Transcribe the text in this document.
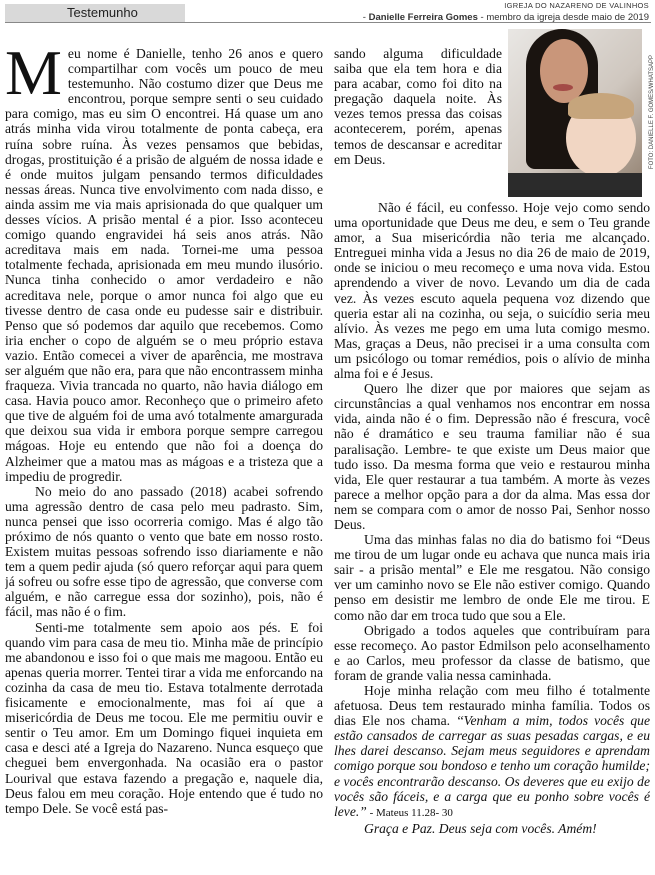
Testemunho	IGREJA DO NAZARENO DE VALINHOS
- Danielle Ferreira Gomes - membro da igreja desde maio de 2019

Meu nome é Danielle, tenho 26 anos e quero compartilhar com vocês um pouco de meu testemunho. Não costumo dizer que Deus me encontrou, porque sempre senti o seu cuidado para comigo, mas eu sim O encontrei. Há quase um ano atrás minha vida virou totalmente de ponta cabeça, era ruína sobre ruína. Às vezes pensamos que bebidas, drogas, prostituição é a prisão de alguém de nossa idade e é onde muitos julgam pensando termos dificuldades nessas áreas. Nunca tive envolvimento com nada disso, e ainda assim me via mais aprisionada do que qualquer um desses vícios. A prisão mental é a pior. Isso aconteceu comigo quando engravidei há seis anos atrás. Não acreditava mais em nada. Tornei-me uma pessoa totalmente fechada, aprisionada em meu mundo ilusório. Nunca tinha conhecido o amor verdadeiro e não acreditava nele, porque o amor nunca foi algo que eu tivesse dentro de casa onde eu pudesse sair e distribuir. Penso que só podemos dar aquilo que recebemos. Como iria encher o copo de alguém se o meu próprio estava vazio. Então comecei a viver de aparência, me mostrava ser alguém que não era, para que não encontrassem minha fraqueza. Vivia trancada no quarto, não havia diálogo em casa. Havia pouco amor. Reconheço que o primeiro afeto que tive de alguém foi de uma avó totalmente amargurada que deixou sua vida ir embora porque sempre carregou mágoas. Hoje eu entendo que não foi a doença do Alzheimer que a matou mas as mágoas e a tristeza que a impediu de progredir.

No meio do ano passado (2018) acabei sofrendo uma agressão dentro de casa pelo meu padrasto. Sim, nunca pensei que isso ocorreria comigo. Mas é algo tão próximo de nós quanto o vento que bate em nosso rosto. Existem muitas pessoas sofrendo isso diariamente e não tem a quem pedir ajuda (só quero reforçar aqui para quem já sofreu ou sofre esse tipo de agressão, que converse com alguém, e não carregue essa dor sozinho), pois, não é fácil, mas não é o fim.

Senti-me totalmente sem apoio aos pés. E foi quando vim para casa de meu tio. Minha mãe de princípio me abandonou e isso foi o que mais me magoou. Então eu apenas queria morrer. Tentei tirar a vida me enforcando na cozinha da casa de meu tio. Estava totalmente derrotada fisicamente e emocionalmente, mas foi aí que a misericórdia de Deus me tocou. Ele me permitiu ouvir e sentir o Teu amor. Em um Domingo fiquei inquieta em casa e desci até a Igreja do Nazareno. Nunca esqueço que cheguei bem envergonhada. Na ocasião era o pastor Lourival que estava fazendo a pregação e, naquele dia, Deus falou em meu coração. Hoje entendo que é tudo no tempo Dele. Se você está pas-

sando alguma dificuldade saiba que ela tem hora e dia para acabar, como foi dito na pregação daquela noite. Às vezes temos pressa das coisas acontecerem, porém, apenas temos de descansar e acreditar em Deus.	FOTO: DANIELLE F. GOMES/WHATSAPP

Não é fácil, eu confesso. Hoje vejo como sendo uma oportunidade que Deus me deu, e sem o Teu grande amor, a Sua misericórdia não teria me alcançado. Entreguei minha vida a Jesus no dia 26 de maio de 2019, onde se iniciou o meu recomeço e uma nova vida. Estou aprendendo a viver de novo. Levando um dia de cada vez. Às vezes escuto aquela pequena voz dizendo que queria estar ali na cozinha, ou seja, o suicídio seria meu alívio. Às vezes me pego em uma luta comigo mesmo. Mas, graças a Deus, não precisei ir a uma consulta com um psicólogo ou tomar remédios, pois o alívio de minha alma foi e é Jesus.

Quero lhe dizer que por maiores que sejam as circunstâncias a qual venhamos nos encontrar em nossa vida, ainda não é o fim. Depressão não é frescura, você não é dramático e seu trauma familiar não é sua paralisação. Lembre- te que existe um Deus maior que tudo isso. Da mesma forma que veio e restaurou minha vida, Ele quer restaurar a tua também. A morte às vezes parece a melhor opção para a dor da alma. Mas essa dor nem se compara com o amor de nosso Pai, Senhor nosso Deus.

Uma das minhas falas no dia do batismo foi “Deus me tirou de um lugar onde eu achava que nunca mais iria sair - a prisão mental” e Ele me resgatou. Não consigo ver um caminho novo se Ele não estiver comigo. Quando penso em desistir me lembro de onde Ele me tirou. E como não dar em troca tudo que sou a Ele.

Obrigado a todos aqueles que contribuíram para esse recomeço. Ao pastor Edmilson pelo aconselhamento e ao Carlos, meu professor da classe de batismo, que foram de grande valia nessa caminhada.

Hoje minha relação com meu filho é totalmente afetuosa. Deus tem restaurado minha família. Todos os dias Ele nos chama. ‘‘Venham a mim, todos vocês que estão cansados de carregar as suas pesadas cargas, e eu lhes darei descanso. Sejam meus seguidores e aprendam comigo porque sou bondoso e tenho um coração humilde; e vocês encontrarão descanso. Os deveres que eu exijo de vocês são fáceis, e a carga que eu ponho sobre vocês é leve.” - Mateus 11.28- 30

Graça e Paz. Deus seja com vocês. Amém!
